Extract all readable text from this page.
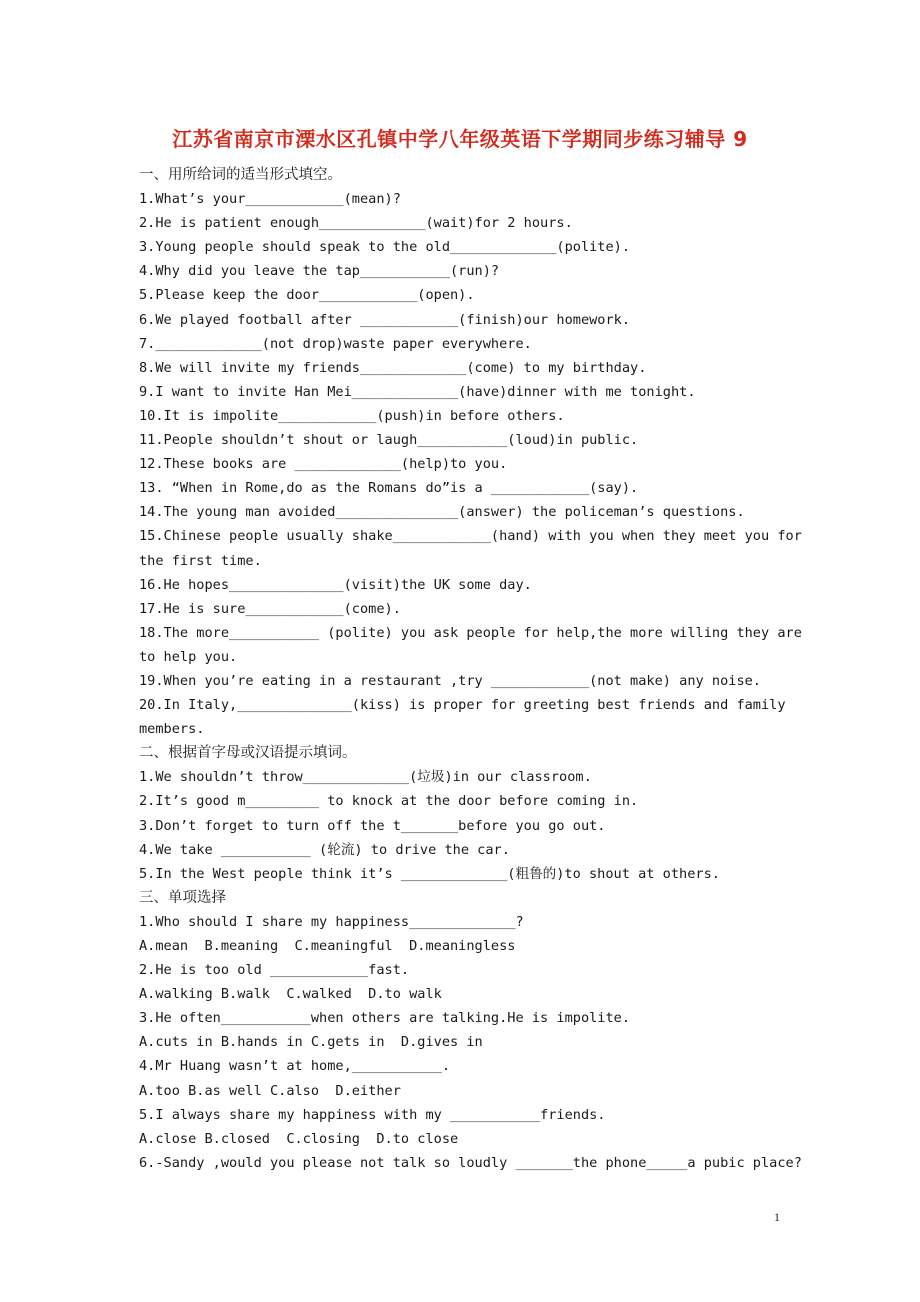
江苏省南京市溧水区孔镇中学八年级英语下学期同步练习辅导 9
一、用所给词的适当形式填空。
1.What’s your____________(mean)?
2.He is patient enough_____________(wait)for 2 hours.
3.Young people should speak to the old_____________(polite).
4.Why did you leave the tap___________(run)?
5.Please keep the door____________(open).
6.We played football after ____________(finish)our homework.
7._____________(not drop)waste paper everywhere.
8.We will invite my friends_____________(come) to my birthday.
9.I want to invite Han Mei_____________(have)dinner with me tonight.
10.It is impolite____________(push)in before others.
11.People shouldn’t shout or laugh___________(loud)in public.
12.These books are _____________(help)to you.
13. “When in Rome,do as the Romans do”is a ____________(say).
14.The young man avoided_______________(answer) the policeman’s questions.
15.Chinese people usually shake____________(hand) with you when they meet you for
the first time.
16.He hopes______________(visit)the UK some day.
17.He is sure____________(come).
18.The more___________ (polite) you ask people for help,the more willing they are
to help you.
19.When you’re eating in a restaurant ,try ____________(not make) any noise.
20.In Italy,______________(kiss) is proper for greeting best friends and family
members.
二、根据首字母或汉语提示填词。
1.We shouldn’t throw_____________(垃圾)in our classroom.
2.It’s good m_________ to knock at the door before coming in.
3.Don’t forget to turn off the t_______before you go out.
4.We take ___________ (轮流) to drive the car.
5.In the West people think it’s _____________(粗鲁的)to shout at others.
三、单项选择
1.Who should I share my happiness_____________?
A.mean  B.meaning  C.meaningful  D.meaningless
2.He is too old ____________fast.
A.walking B.walk  C.walked  D.to walk
3.He often___________when others are talking.He is impolite.
A.cuts in B.hands in C.gets in  D.gives in
4.Mr Huang wasn’t at home,___________.
A.too B.as well C.also  D.either
5.I always share my happiness with my ___________friends.
A.close B.closed  C.closing  D.to close
6.-Sandy ,would you please not talk so loudly _______the phone_____a pubic place?
1
